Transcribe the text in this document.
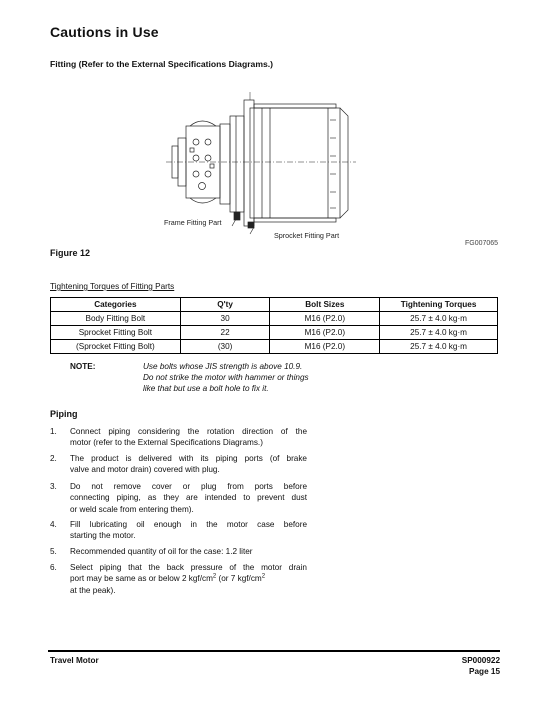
Cautions in Use
Fitting (Refer to the External Specifications Diagrams.)
Frame Fitting Part
Sprocket Fitting Part
FG007065
Figure 12
Tightening Torques of Fitting Parts
Categories	Q'ty	Bolt Sizes	Tightening Torques
Body Fitting Bolt	30	M16 (P2.0)	25.7 ± 4.0 kg·m
Sprocket Fitting Bolt	22	M16 (P2.0)	25.7 ± 4.0 kg·m
(Sprocket Fitting Bolt)	(30)	M16 (P2.0)	25.7 ± 4.0 kg·m
NOTE:	Use bolts whose JIS strength is above 10.9.
Do not strike the motor with hammer or things
like that but use a bolt hole to fix it.
Piping
1. Connect piping considering the rotation direction of the
motor (refer to the External Specifications Diagrams.)
2. The product is delivered with its piping ports (of brake
valve and motor drain) covered with plug.
3. Do not remove cover or plug from ports before
connecting piping, as they are intended to prevent dust
or weld scale from entering them).
4. Fill lubricating oil enough in the motor case before
starting the motor.
5. Recommended quantity of oil for the case: 1.2 liter
6. Select piping that the back pressure of the motor drain
port may be same as or below 2 kgf/$cm^2$ (or 7 kgf/$cm^2$
at the peak).
Travel Motor	SP000922
Page 15
